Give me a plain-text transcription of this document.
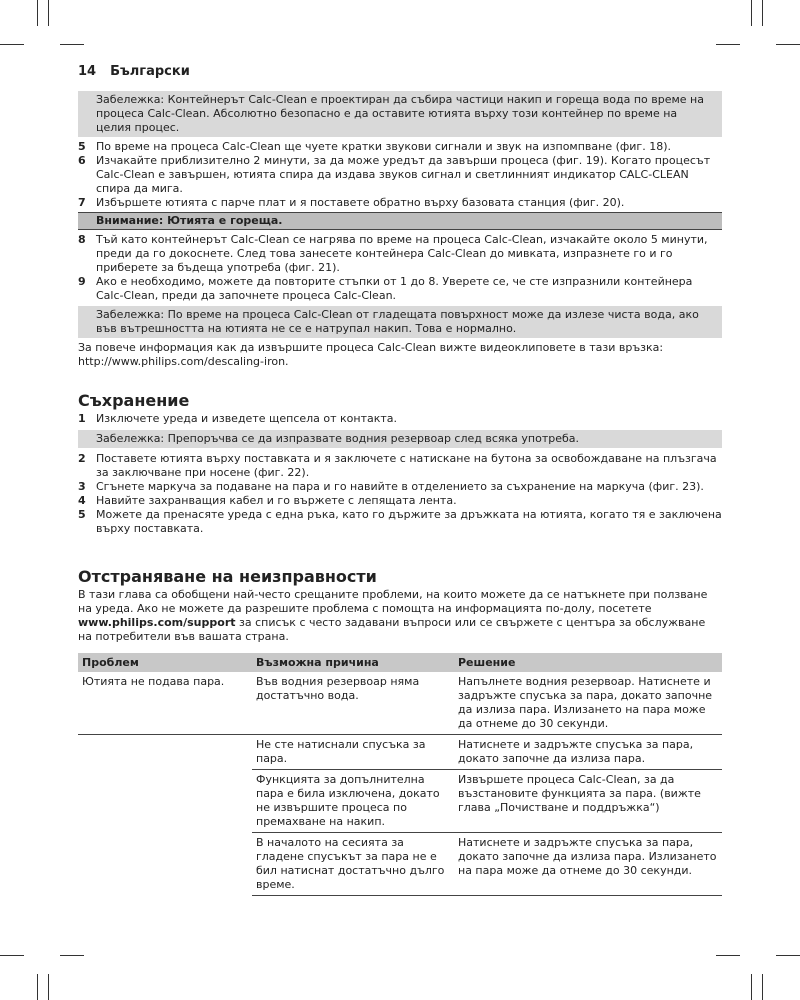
14 Български
Забележка: Контейнерът Calc-Clean е проектиран да събира частици накип и гореща вода по време на процеса Calc-Clean. Абсолютно безопасно е да оставите ютията върху този контейнер по време на целия процес.
5 По време на процеса Calc-Clean ще чуете кратки звукови сигнали и звук на изпомпване (фиг. 18).
6 Изчакайте приблизително 2 минути, за да може уредът да завърши процеса (фиг. 19). Когато процесът Calc-Clean е завършен, ютията спира да издава звуков сигнал и светлинният индикатор CALC-CLEAN спира да мига.
7 Избършете ютията с парче плат и я поставете обратно върху базовата станция (фиг. 20).
Внимание: Ютията е гореща.
8 Тъй като контейнерът Calc-Clean се нагрява по време на процеса Calc-Clean, изчакайте около 5 минути, преди да го докоснете. След това занесете контейнера Calc-Clean до мивката, изпразнете го и го приберете за бъдеща употреба (фиг. 21).
9 Ако е необходимо, можете да повторите стъпки от 1 до 8. Уверете се, че сте изпразнили контейнера Calc-Clean, преди да започнете процеса Calc-Clean.
Забележка: По време на процеса Calc-Clean от гладещата повърхност може да излезе чиста вода, ако във вътрешността на ютията не се е натрупал накип. Това е нормално.
За повече информация как да извършите процеса Calc-Clean вижте видеоклиповете в тази връзка: http://www.philips.com/descaling-iron.
Съхранение
1 Изключете уреда и изведете щепсела от контакта.
Забележка: Препоръчва се да изпразвате водния резервоар след всяка употреба.
2 Поставете ютията върху поставката и я заключете с натискане на бутона за освобождаване на плъзгача за заключване при носене (фиг. 22).
3 Сгънете маркуча за подаване на пара и го навийте в отделението за съхранение на маркуча (фиг. 23).
4 Навийте захранващия кабел и го вържете с лепящата лента.
5 Можете да пренасяте уреда с една ръка, като го държите за дръжката на ютията, когато тя е заключена върху поставката.
Отстраняване на неизправности
В тази глава са обобщени най-често срещаните проблеми, на които можете да се натъкнете при ползване на уреда. Ако не можете да разрешите проблема с помощта на информацията по-долу, посетете www.philips.com/support за списък с често задавани въпроси или се свържете с центъра за обслужване на потребители във вашата страна.
Проблем	Възможна причина	Решение
Ютията не подава пара.	Във водния резервоар няма достатъчно вода.	Напълнете водния резервоар. Натиснете и задръжте спусъка за пара, докато започне да излиза пара. Излизането на пара може да отнеме до 30 секунди.
	Не сте натиснали спусъка за пара.	Натиснете и задръжте спусъка за пара, докато започне да излиза пара.
	Функцията за допълнителна пара е била изключена, докато не извършите процеса по премахване на накип.	Извършете процеса Calc-Clean, за да възстановите функцията за пара. (вижте глава „Почистване и поддръжка“)
	В началото на сесията за гладене спусъкът за пара не е бил натиснат достатъчно дълго време.	Натиснете и задръжте спусъка за пара, докато започне да излиза пара. Излизането на пара може да отнеме до 30 секунди.
